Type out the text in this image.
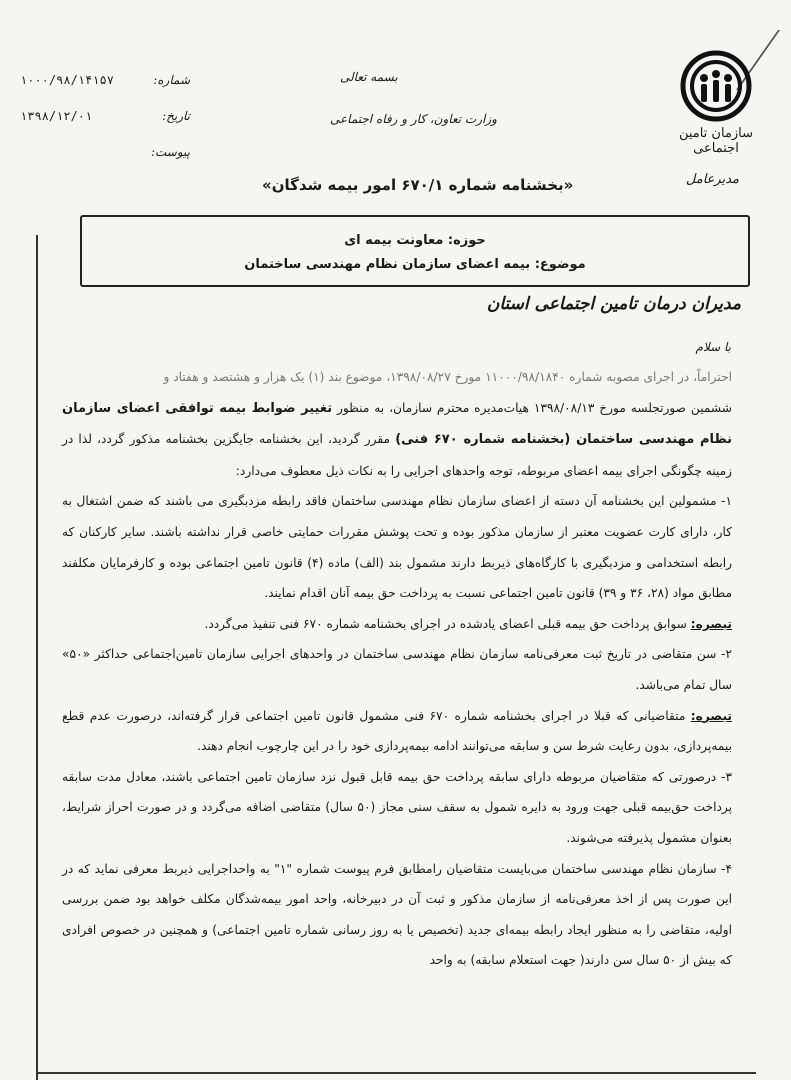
سازمان تامین اجتماعی
مدیرعامل
بسمه تعالی
وزارت تعاون، کار و رفاه اجتماعی
شماره:
۱۰۰۰/۹۸/۱۴۱۵۷
تاریخ:
۱۳۹۸/۱۲/۰۱
پیوست:
«بخشنامه شماره ۶۷۰/۱ امور بیمه شدگان»
حوزه: معاونت بیمه ای
موضوع: بیمه اعضای سازمان نظام مهندسی ساختمان
مدیران درمان تامین اجتماعی استان
با سلام
احتراماً، در اجرای مصوبه شماره ۱۱۰۰۰/۹۸/۱۸۴۰ مورخ ۱۳۹۸/۰۸/۲۷، موضوع بند (۱) یک هزار و هشتصد و هفتاد و
ششمین صورتجلسه مورخ ۱۳۹۸/۰۸/۱۳ هیات‌مدیره محترم سازمان، به منظور تغییر ضوابط بیمه توافقی اعضای سازمان نظام مهندسی ساختمان (بخشنامه شماره ۶۷۰ فنی) مقرر گردید، این بخشنامه جایگزین بخشنامه مذکور گردد، لذا در زمینه چگونگی اجرای بیمه اعضای مربوطه، توجه واحدهای اجرایی را به نکات ذیل معطوف می‌دارد:
۱- مشمولین این بخشنامه آن دسته از اعضای سازمان نظام مهندسی ساختمان فاقد رابطه مزدبگیری می باشند که ضمن اشتغال به کار، دارای کارت عضویت معتبر از سازمان مذکور بوده و تحت پوشش مقررات حمایتی خاصی قرار نداشته باشند. سایر کارکنان که رابطه استخدامی و مزدبگیری با کارگاه‌های ذیربط دارند مشمول بند (الف) ماده (۴) قانون تامین اجتماعی بوده و کارفرمایان مکلفند مطابق مواد (۲۸، ۳۶ و ۳۹) قانون تامین اجتماعی نسبت به پرداخت حق بیمه آنان اقدام نمایند.
تبصره: سوابق پرداخت حق بیمه قبلی اعضای یادشده در اجرای بخشنامه شماره ۶۷۰ فنی تنفیذ می‌گردد.
۲- سن متقاضی در تاریخ ثبت معرفی‌نامه سازمان نظام مهندسی ساختمان در واحدهای اجرایی سازمان تامین‌اجتماعی حداکثر «۵۰» سال تمام می‌باشد.
تبصره: متقاضیانی که قبلا در اجرای بخشنامه شماره ۶۷۰ فنی مشمول قانون تامین اجتماعی قرار گرفته‌اند، درصورت عدم قطع بیمه‌پردازی، بدون رعایت شرط سن و سابقه می‌توانند ادامه بیمه‌پردازی خود را در این چارچوب انجام دهند.
۳- درصورتی که متقاضیان مربوطه دارای سابقه پرداخت حق بیمه قابل قبول نزد سازمان تامین اجتماعی باشند، معادل مدت سابقه پرداخت حق‌بیمه قبلی جهت ورود به دایره شمول به سقف سنی مجاز (۵۰ سال) متقاضی اضافه می‌گردد و در صورت احراز شرایط، بعنوان مشمول پذیرفته می‌شوند.
۴- سازمان نظام مهندسی ساختمان می‌بایست متقاضیان رامطابق فرم پیوست شماره "۱" به واحداجرایی ذیربط معرفی نماید که در این صورت پس از اخذ معرفی‌نامه از سازمان مذکور و ثبت آن در دبیرخانه، واحد امور بیمه‌شدگان مکلف خواهد بود ضمن بررسی اولیه، متقاضی را به منظور ایجاد رابطه بیمه‌ای جدید (تخصیص یا به روز رسانی شماره تامین اجتماعی) و همچنین در خصوص افرادی که بیش از ۵۰ سال سن دارند( جهت استعلام سابقه) به واحد
